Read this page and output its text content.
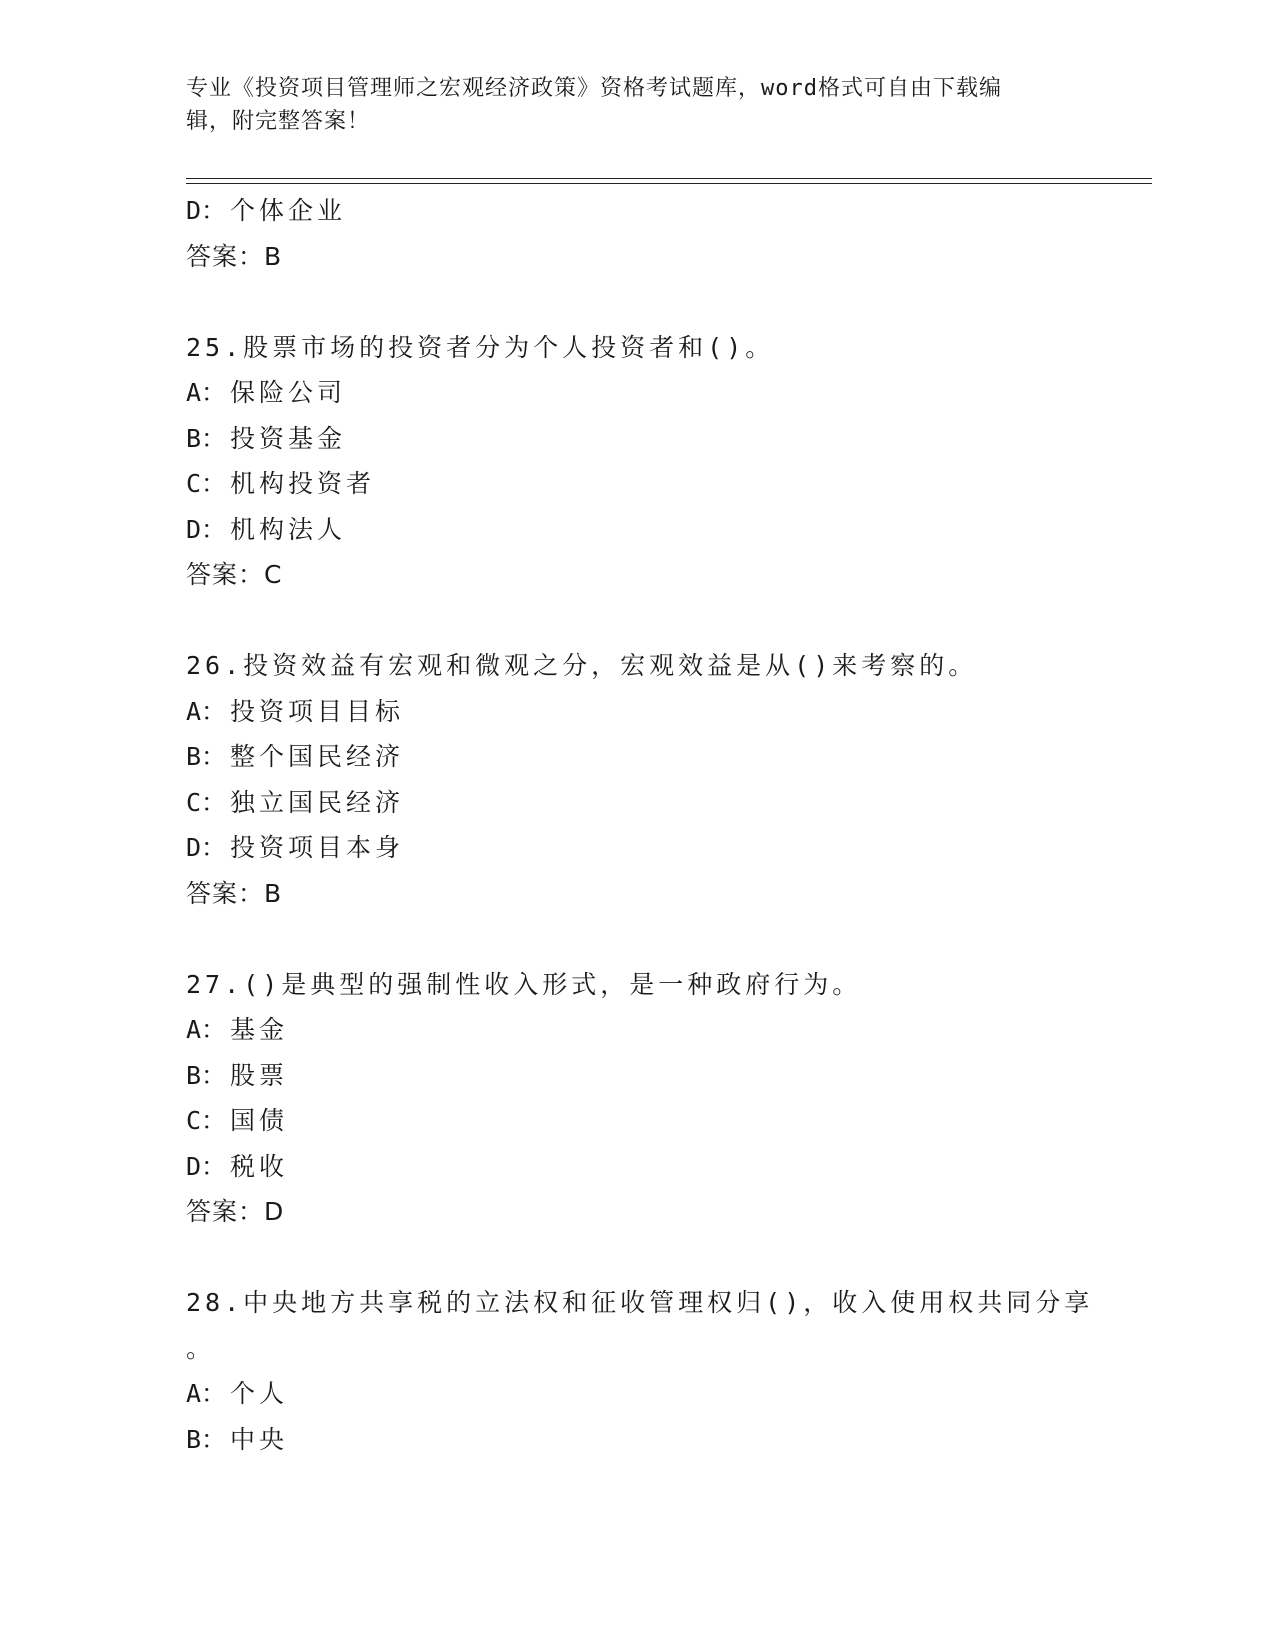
专业《投资项目管理师之宏观经济政策》资格考试题库，word格式可自由下载编
辑，附完整答案！
D： 个体企业
答案：B
25.股票市场的投资者分为个人投资者和()。
A： 保险公司
B： 投资基金
C： 机构投资者
D： 机构法人
答案：C
26.投资效益有宏观和微观之分，宏观效益是从()来考察的。
A： 投资项目目标
B： 整个国民经济
C： 独立国民经济
D： 投资项目本身
答案：B
27.()是典型的强制性收入形式，是一种政府行为。
A： 基金
B： 股票
C： 国债
D： 税收
答案：D
28.中央地方共享税的立法权和征收管理权归()，收入使用权共同分享
。
A： 个人
B： 中央
